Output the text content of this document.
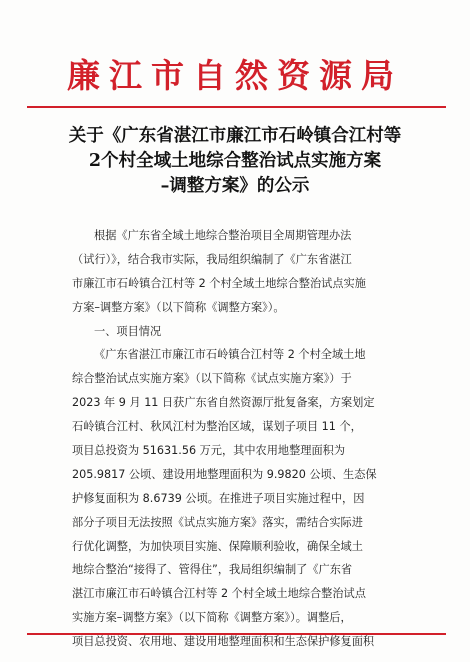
廉江市自然资源局
关于《广东省湛江市廉江市石岭镇合江村等
2个村全域土地综合整治试点实施方案
–调整方案》的公示
根据《广东省全域土地综合整治项目全周期管理办法
（试行）》，结合我市实际，我局组织编制了《广东省湛江
市廉江市石岭镇合江村等 2 个村全域土地综合整治试点实施
方案–调整方案》（以下简称《调整方案》）。
一、项目情况
《广东省湛江市廉江市石岭镇合江村等 2 个村全域土地
综合整治试点实施方案》（以下简称《试点实施方案》）于
2023 年 9 月 11 日获广东省自然资源厅批复备案，方案划定
石岭镇合江村、秋风江村为整治区域，谋划子项目 11 个，
项目总投资为 51631.56 万元，其中农用地整理面积为
205.9817 公顷、建设用地整理面积为 9.9820 公顷、生态保
护修复面积为 8.6739 公顷。在推进子项目实施过程中，因
部分子项目无法按照《试点实施方案》落实，需结合实际进
行优化调整，为加快项目实施、保障顺利验收，确保全域土
地综合整治“接得了、管得住”，我局组织编制了《广东省
湛江市廉江市石岭镇合江村等 2 个村全域土地综合整治试点
实施方案–调整方案》（以下简称《调整方案》）。调整后，
项目总投资、农用地、建设用地整理面积和生态保护修复面积
